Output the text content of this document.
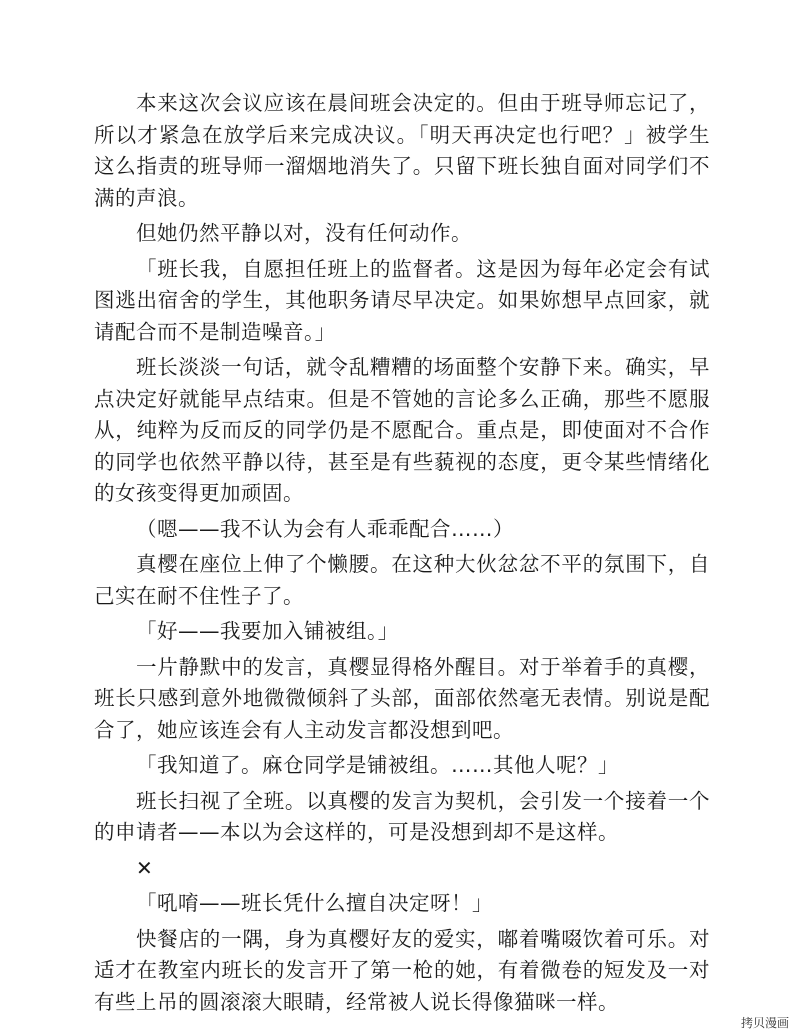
本来这次会议应该在晨间班会决定的。但由于班导师忘记了，所以才紧急在放学后来完成决议。「明天再决定也行吧？」被学生这么指责的班导师一溜烟地消失了。只留下班长独自面对同学们不满的声浪。

但她仍然平静以对，没有任何动作。

「班长我，自愿担任班上的监督者。这是因为每年必定会有试图逃出宿舍的学生，其他职务请尽早决定。如果妳想早点回家，就请配合而不是制造噪音。」

班长淡淡一句话，就令乱糟糟的场面整个安静下来。确实，早点决定好就能早点结束。但是不管她的言论多么正确，那些不愿服从，纯粹为反而反的同学仍是不愿配合。重点是，即使面对不合作的同学也依然平静以待，甚至是有些藐视的态度，更令某些情绪化的女孩变得更加顽固。

（嗯——我不认为会有人乖乖配合……）

真樱在座位上伸了个懒腰。在这种大伙忿忿不平的氛围下，自己实在耐不住性子了。

「好——我要加入铺被组。」

一片静默中的发言，真樱显得格外醒目。对于举着手的真樱，班长只感到意外地微微倾斜了头部，面部依然毫无表情。别说是配合了，她应该连会有人主动发言都没想到吧。

「我知道了。麻仓同学是铺被组。……其他人呢？」

班长扫视了全班。以真樱的发言为契机，会引发一个接着一个的申请者——本以为会这样的，可是没想到却不是这样。

✕

「吼唷——班长凭什么擅自决定呀！」

快餐店的一隅，身为真樱好友的爱实，嘟着嘴啜饮着可乐。对适才在教室内班长的发言开了第一枪的她，有着微卷的短发及一对有些上吊的圆滚滚大眼睛，经常被人说长得像猫咪一样。

拷贝漫画
